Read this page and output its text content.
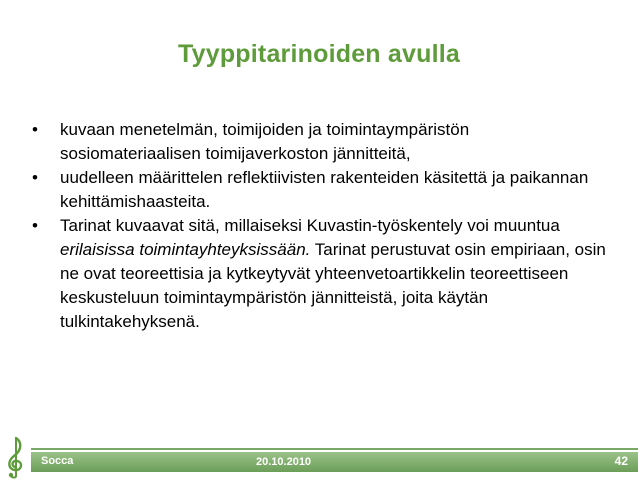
Tyyppitarinoiden avulla
• kuvaan menetelmän, toimijoiden ja toimintaympäristön sosiomateriaalisen toimijaverkoston jännitteitä,
• uudelleen määrittelen reflektiivisten rakenteiden käsitettä ja paikannan kehittämishaasteita.
• Tarinat kuvaavat sitä, millaiseksi Kuvastin-työskentely voi muuntua erilaisissa toimintayhteyksissään. Tarinat perustuvat osin empiriaan, osin ne ovat teoreettisia ja kytkeytyvät yhteenvetoartikkelin teoreettiseen keskusteluun toimintaympäristön jännitteistä, joita käytän tulkintakehyksenä.
Socca	20.10.2010	42
